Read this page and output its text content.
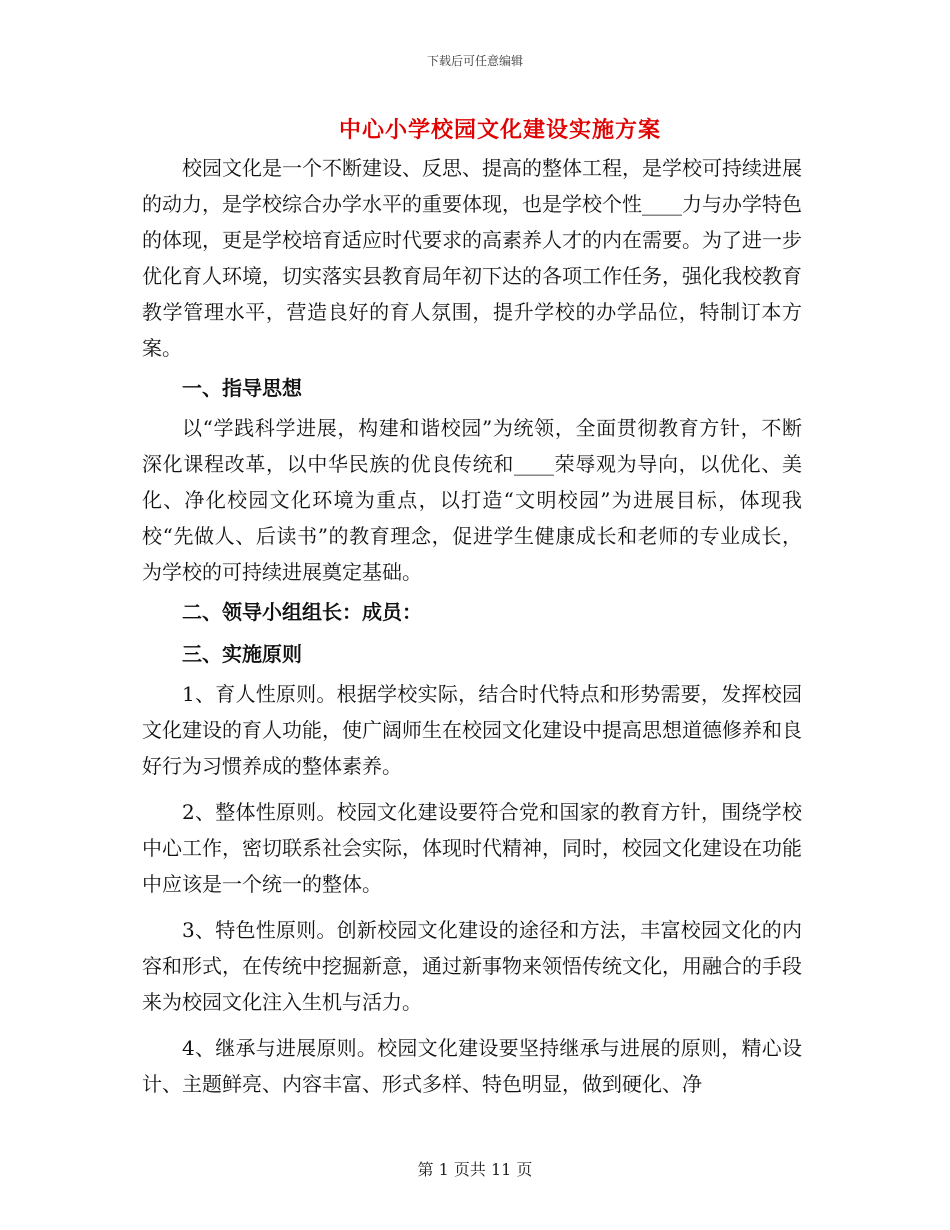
下载后可任意编辑
中心小学校园文化建设实施方案

校园文化是一个不断建设、反思、提高的整体工程，是学校可持续进展的动力，是学校综合办学水平的重要体现，也是学校个性____力与办学特色的体现，更是学校培育适应时代要求的高素养人才的内在需要。为了进一步优化育人环境，切实落实县教育局年初下达的各项工作任务，强化我校教育教学管理水平，营造良好的育人氛围，提升学校的办学品位，特制订本方案。

一、指导思想

以“学践科学进展，构建和谐校园”为统领，全面贯彻教育方针，不断深化课程改革，以中华民族的优良传统和____荣辱观为导向，以优化、美化、净化校园文化环境为重点，以打造“文明校园”为进展目标，体现我校“先做人、后读书”的教育理念，促进学生健康成长和老师的专业成长，为学校的可持续进展奠定基础。

二、领导小组组长：成员：
三、实施原则

1、育人性原则。根据学校实际，结合时代特点和形势需要，发挥校园文化建设的育人功能，使广阔师生在校园文化建设中提高思想道德修养和良好行为习惯养成的整体素养。

2、整体性原则。校园文化建设要符合党和国家的教育方针，围绕学校中心工作，密切联系社会实际，体现时代精神，同时，校园文化建设在功能中应该是一个统一的整体。

3、特色性原则。创新校园文化建设的途径和方法，丰富校园文化的内容和形式，在传统中挖掘新意，通过新事物来领悟传统文化，用融合的手段来为校园文化注入生机与活力。

4、继承与进展原则。校园文化建设要坚持继承与进展的原则，精心设计、主题鲜亮、内容丰富、形式多样、特色明显，做到硬化、净

第 1 页共 11 页
